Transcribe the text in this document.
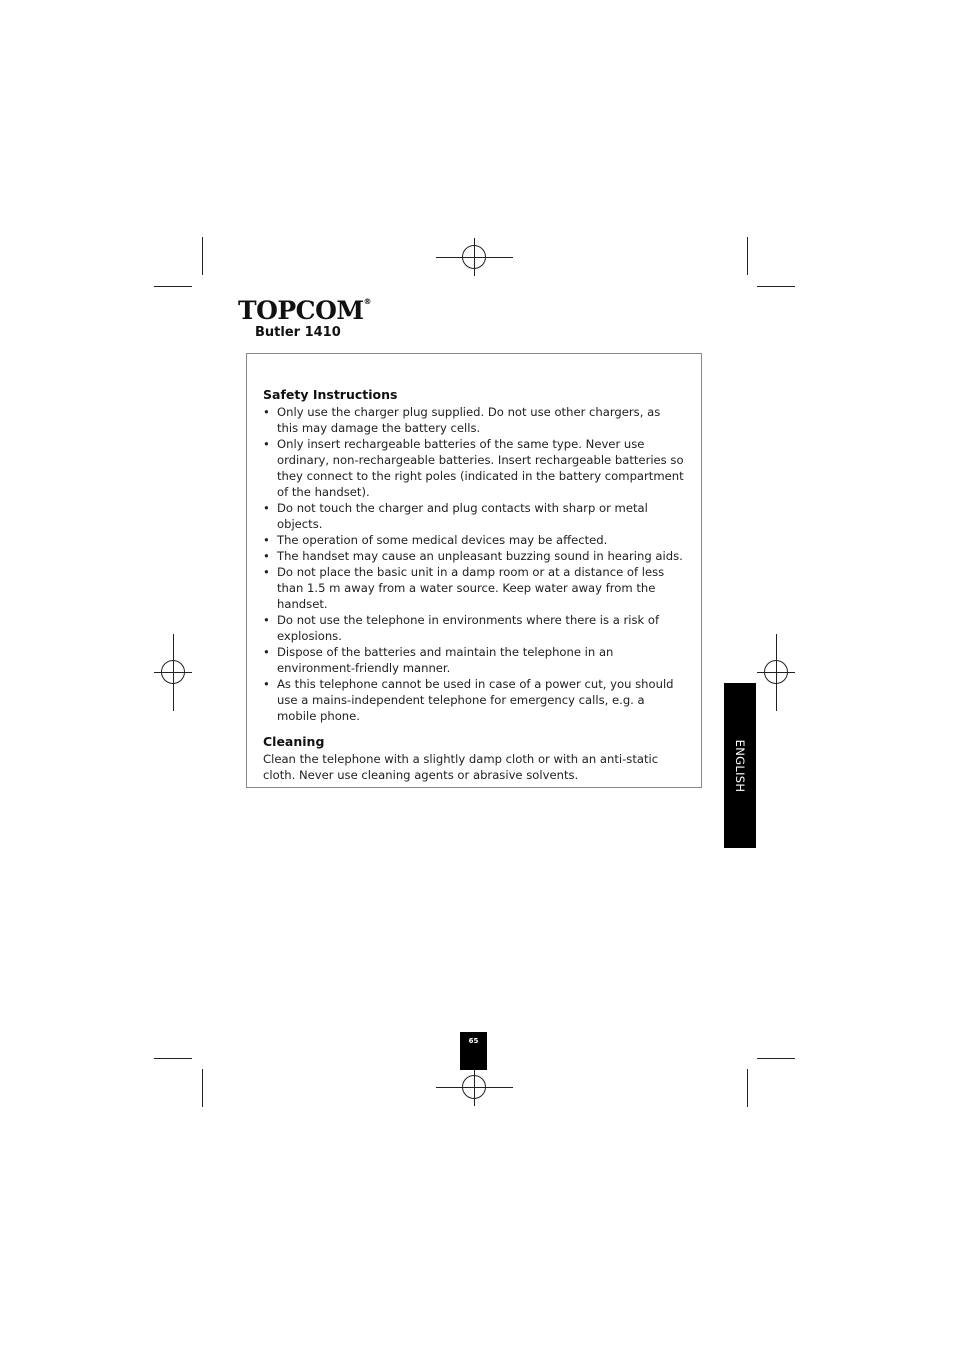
TOPCOM®
Butler 1410
Safety Instructions
• Only use the charger plug supplied. Do not use other chargers, as this may damage the battery cells.
• Only insert rechargeable batteries of the same type. Never use ordinary, non-rechargeable batteries. Insert rechargeable batteries so they connect to the right poles (indicated in the battery compartment of the handset).
• Do not touch the charger and plug contacts with sharp or metal objects.
• The operation of some medical devices may be affected.
• The handset may cause an unpleasant buzzing sound in hearing aids.
• Do not place the basic unit in a damp room or at a distance of less than 1.5 m away from a water source. Keep water away from the handset.
• Do not use the telephone in environments where there is a risk of explosions.
• Dispose of the batteries and maintain the telephone in an environment-friendly manner.
• As this telephone cannot be used in case of a power cut, you should use a mains-independent telephone for emergency calls, e.g. a mobile phone.
Cleaning

Clean the telephone with a slightly damp cloth or with an anti-static cloth. Never use cleaning agents or abrasive solvents.	ENGLISH
65
